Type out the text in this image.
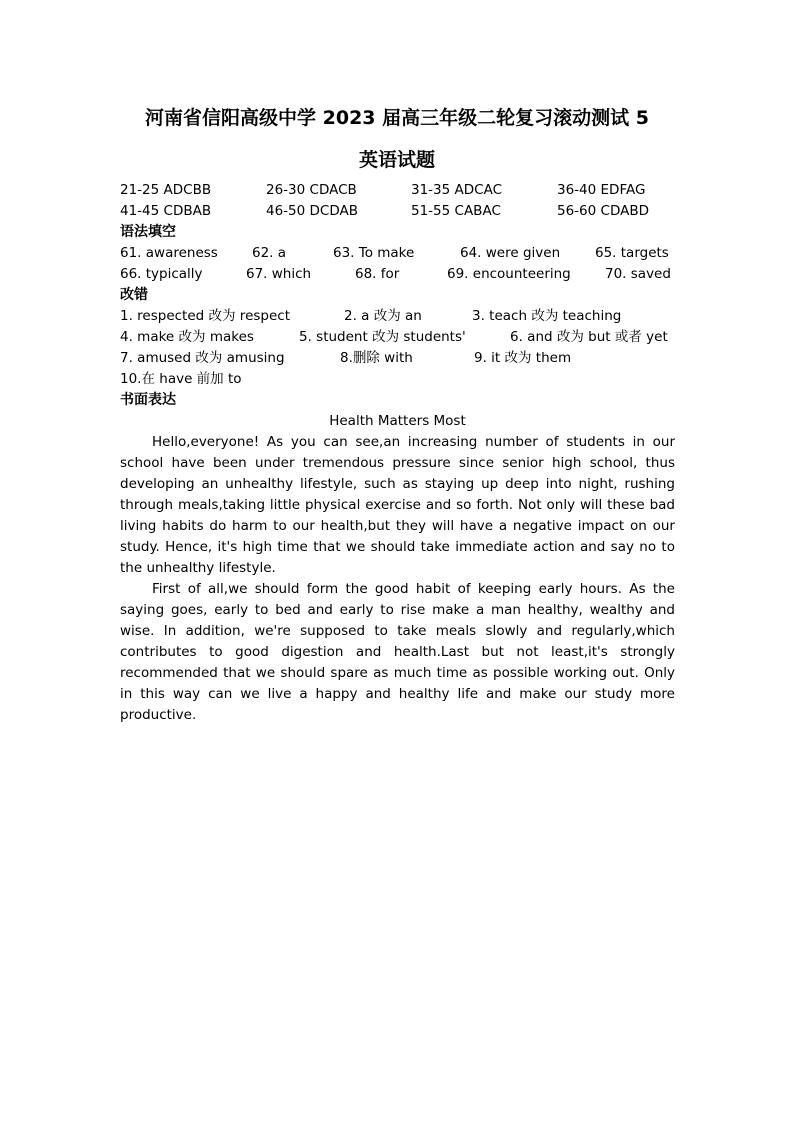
河南省信阳高级中学 2023 届高三年级二轮复习滚动测试 5
英语试题
21-25 ADCBB	26-30 CDACB	31-35 ADCAC	36-40 EDFAG
41-45 CDBAB	46-50 DCDAB	51-55 CABAC	56-60 CDABD
语法填空
61. awareness	62. a	63. To make	64. were given	65. targets
66. typically	67. which	68. for	69. encounteering	70. saved
改错
1. respected 改为 respect	2. a 改为 an	3. teach 改为 teaching
4. make 改为 makes	5. student 改为 students'	6. and 改为 but 或者 yet
7. amused 改为 amusing	8.删除 with	9. it 改为 them
10.在 have 前加 to
书面表达
Health Matters Most

Hello,everyone! As you can see,an increasing number of students in our school have been under tremendous pressure since senior high school, thus developing an unhealthy lifestyle, such as staying up deep into night, rushing through meals,taking little physical exercise and so forth. Not only will these bad living habits do harm to our health,but they will have a negative impact on our study. Hence, it's high time that we should take immediate action and say no to the unhealthy lifestyle.

First of all,we should form the good habit of keeping early hours. As the saying goes, early to bed and early to rise make a man healthy, wealthy and wise. In addition, we're supposed to take meals slowly and regularly,which contributes to good digestion and health.Last but not least,it's strongly recommended that we should spare as much time as possible working out. Only in this way can we live a happy and healthy life and make our study more productive.
